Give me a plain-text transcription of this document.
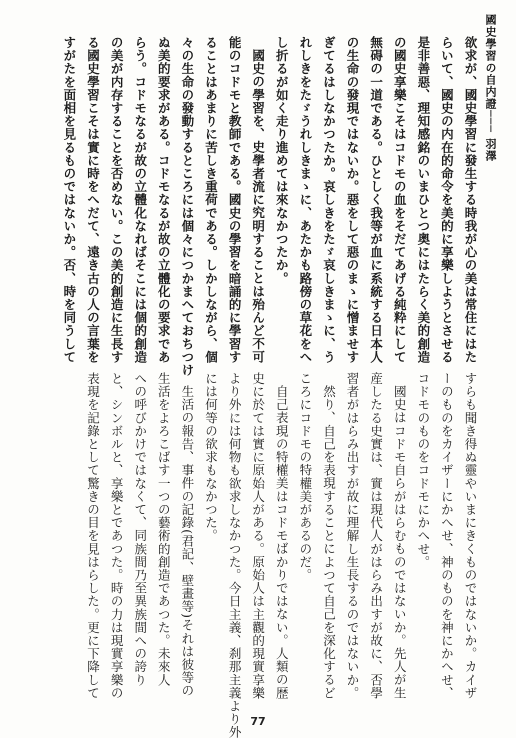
國史學習の自内證─── 羽澤
欲求が、國史學習に發生する時我が心の美は常住にはた
らいて、國史の内在的命令を美的に享樂しようとさせる
是非善惡、理知感銘のいまひとつ奥にはたらく美的創造
の國史享樂こそはコドモの血をそだてあげる純粋にして
無碍の一道である。ひとしく我等が血に系統する日本人
の生命の發現ではないか。惡をして惡のまゝに憎ませす
ぎてるはしなかつたか。哀しきをたゞ哀しきまゝに、う
れしきをたゞうれしきまゝに、あたかも路傍の草花をへ
し折るが如く走り進めては來なかつたか。
國史の學習を、史學者流に究明することは殆んど不可
能のコドモと教師である。國史の學習を暗誦的に學習す
ることはあまりに苦しき重荷である。しかしながら、個
々の生命の發動するところには個々につかまへておちつけ
ぬ美的要求がある。コドモなるが故の立體化の要求であ
らう。コドモなるが故の立體化なればそこには個的創造
の美が内存することを否めない。この美的創造に生長す
る國史學習こそは實に時をへだて、遠き古の人の言葉を
すがたを面相を見るものではないか。否、時を同うして
すらも聞き得ぬ靈やいまにきくものではないか。カイザ
ーのものをカイザーにかへせ、神のものを神にかへせ、
コドモのものをコドモにかへせ。
國史はコドモ自らがはらむものではないか。先人が生
産したる史實は、實は現代人がはらみ出すが故に、否學
習者がはらみ出すが故に理解し生長するのではないか。
然り、自己を表現することによつて自己を深化するど
ころにコドモの特權美があるのだ。
自己表現の特權美はコドモばかりではない。人類の歴
史に於ては實に原始人がある。原始人は主觀的現實享樂
より外には何物も欲求しなかつた。今日主義、刹那主義より外
には何等の欲求もなかつた。
生活の報告、事件の記錄(君記、壁畫等)それは彼等の
生活をよろこばす一つの藝術的創造であつた。未來人
への呼びかけではなくて、同族間乃至異族間への誇り
と、シンボルと、享樂とであつた。時の力は現實享樂の
表現を記錄として驚きの目を見はらした。更に下降して
77
